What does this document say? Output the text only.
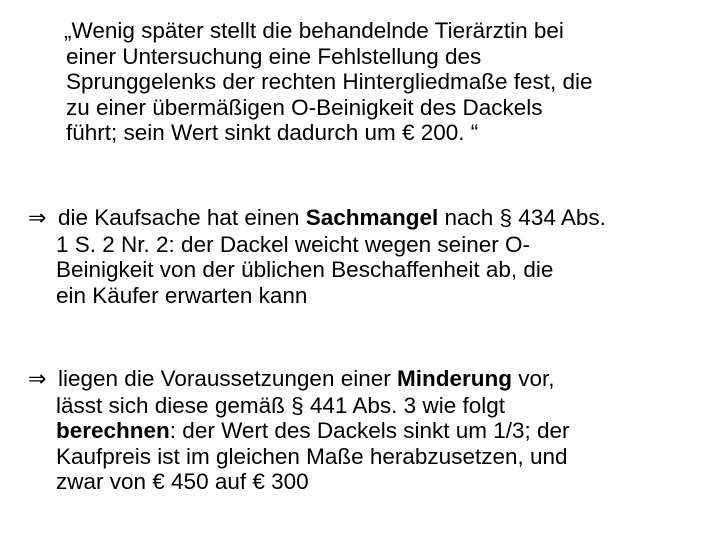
„Wenig später stellt die behandelnde Tierärztin bei
einer Untersuchung eine Fehlstellung des
Sprunggelenks der rechten Hintergliedmaße fest, die
zu einer übermäßigen O-Beinigkeit des Dackels
führt; sein Wert sinkt dadurch um € 200. “
⇒ die Kaufsache hat einen Sachmangel nach § 434 Abs.
1 S. 2 Nr. 2: der Dackel weicht wegen seiner O-
Beinigkeit von der üblichen Beschaffenheit ab, die
ein Käufer erwarten kann
⇒ liegen die Voraussetzungen einer Minderung vor,
lässt sich diese gemäß § 441 Abs. 3 wie folgt
berechnen: der Wert des Dackels sinkt um 1/3; der
Kaufpreis ist im gleichen Maße herabzusetzen, und
zwar von € 450 auf € 300
